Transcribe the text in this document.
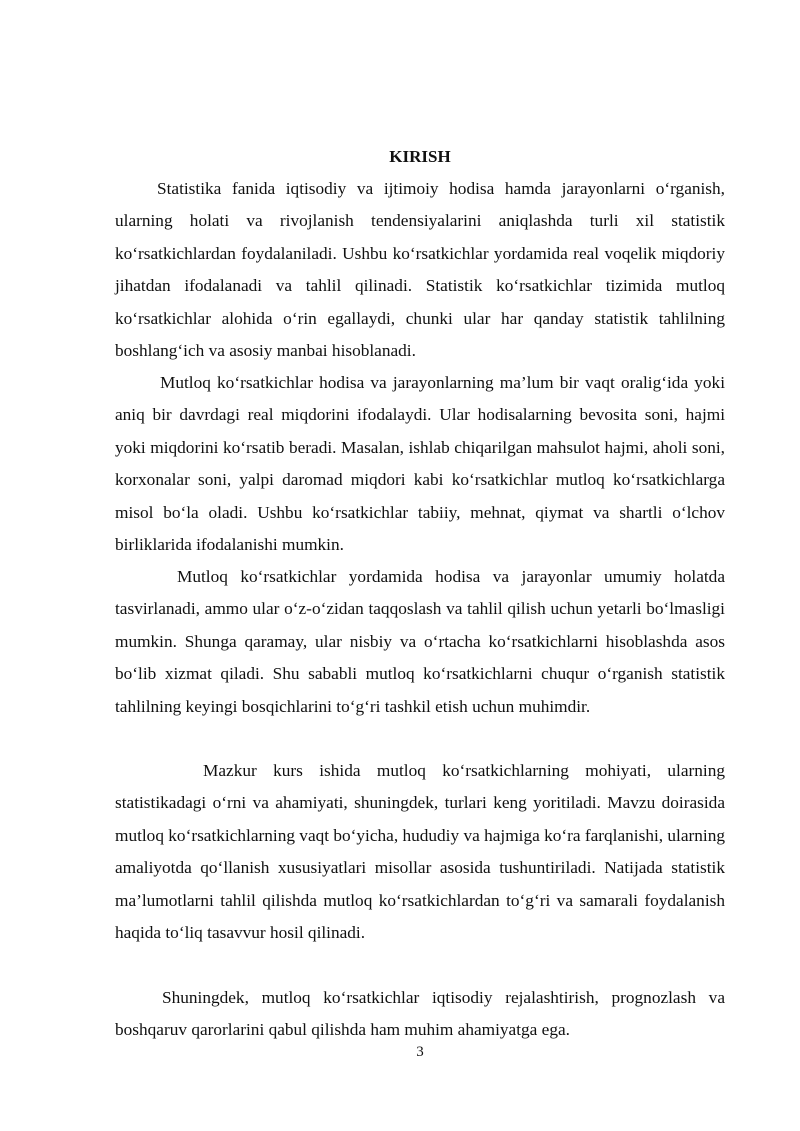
KIRISH

Statistika fanida iqtisodiy va ijtimoiy hodisa hamda jarayonlarni o‘rganish, ularning holati va rivojlanish tendensiyalarini aniqlashda turli xil statistik ko‘rsatkichlardan foydalaniladi. Ushbu ko‘rsatkichlar yordamida real voqelik miqdoriy jihatdan ifodalanadi va tahlil qilinadi. Statistik ko‘rsatkichlar tizimida mutloq ko‘rsatkichlar alohida o‘rin egallaydi, chunki ular har qanday statistik tahlilning boshlang‘ich va asosiy manbai hisoblanadi.

Mutloq ko‘rsatkichlar hodisa va jarayonlarning ma’lum bir vaqt oralig‘ida yoki aniq bir davrdagi real miqdorini ifodalaydi. Ular hodisalarning bevosita soni, hajmi yoki miqdorini ko‘rsatib beradi. Masalan, ishlab chiqarilgan mahsulot hajmi, aholi soni, korxonalar soni, yalpi daromad miqdori kabi ko‘rsatkichlar mutloq ko‘rsatkichlarga misol bo‘la oladi. Ushbu ko‘rsatkichlar tabiiy, mehnat, qiymat va shartli o‘lchov birliklarida ifodalanishi mumkin.

Mutloq ko‘rsatkichlar yordamida hodisa va jarayonlar umumiy holatda tasvirlanadi, ammo ular o‘z-o‘zidan taqqoslash va tahlil qilish uchun yetarli bo‘lmasligi mumkin. Shunga qaramay, ular nisbiy va o‘rtacha ko‘rsatkichlarni hisoblashda asos bo‘lib xizmat qiladi. Shu sababli mutloq ko‘rsatkichlarni chuqur o‘rganish statistik tahlilning keyingi bosqichlarini to‘g‘ri tashkil etish uchun muhimdir.

Mazkur kurs ishida mutloq ko‘rsatkichlarning mohiyati, ularning statistikadagi o‘rni va ahamiyati, shuningdek, turlari keng yoritiladi. Mavzu doirasida mutloq ko‘rsatkichlarning vaqt bo‘yicha, hududiy va hajmiga ko‘ra farqlanishi, ularning amaliyotda qo‘llanish xususiyatlari misollar asosida tushuntiriladi. Natijada statistik ma’lumotlarni tahlil qilishda mutloq ko‘rsatkichlardan to‘g‘ri va samarali foydalanish haqida to‘liq tasavvur hosil qilinadi.

Shuningdek, mutloq ko‘rsatkichlar iqtisodiy rejalashtirish, prognozlash va boshqaruv qarorlarini qabul qilishda ham muhim ahamiyatga ega.

3
